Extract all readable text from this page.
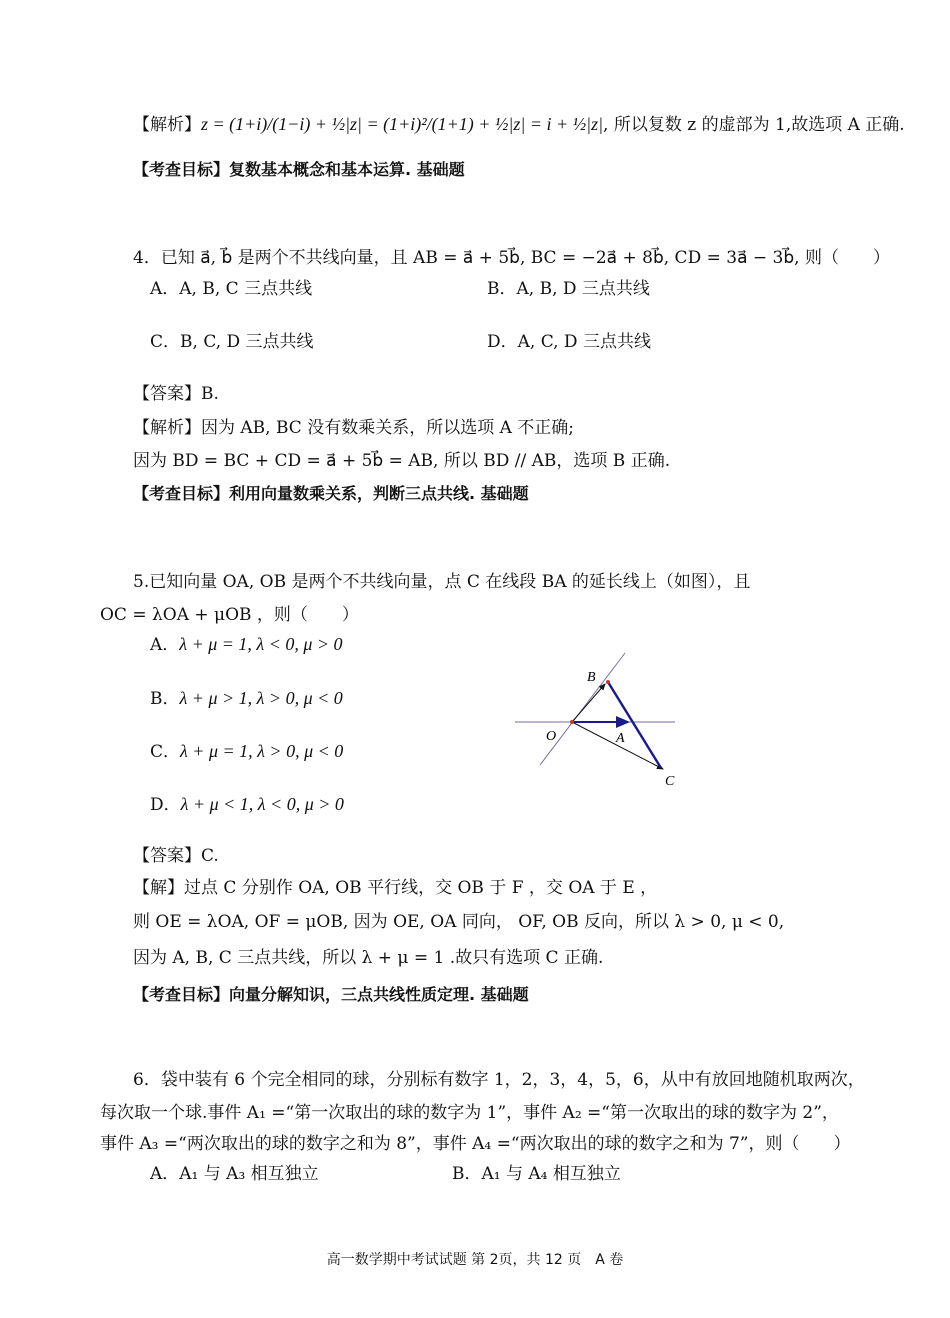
【解析】z = (1+i)/(1−i) + ½|z| = (1+i)²/(1+1) + ½|z| = i + ½|z|, 所以复数 z 的虚部为 1,故选项 A 正确.
【考查目标】复数基本概念和基本运算. 基础题
4．已知 a⃗, b⃗ 是两个不共线向量，且 AB = a⃗ + 5b⃗, BC = −2a⃗ + 8b⃗, CD = 3a⃗ − 3b⃗, 则（　　）
A．A, B, C 三点共线	B．A, B, D 三点共线
C．B, C, D 三点共线	D．A, C, D 三点共线
【答案】B.
【解析】因为 AB, BC 没有数乘关系，所以选项 A 不正确;
因为 BD = BC + CD = a⃗ + 5b⃗ = AB, 所以 BD // AB，选项 B 正确.
【考查目标】利用向量数乘关系，判断三点共线. 基础题
5.已知向量 OA, OB 是两个不共线向量，点 C 在线段 BA 的延长线上（如图），且
OC = λOA + μOB ，则（　　）
A．λ + μ = 1, λ < 0, μ > 0
B．λ + μ > 1, λ > 0, μ < 0
C．λ + μ = 1, λ > 0, μ < 0
D．λ + μ < 1, λ < 0, μ > 0
B
O	A
C
【答案】C.
【解】过点 C 分别作 OA, OB 平行线，交 OB 于 F ，交 OA 于 E ，
则 OE = λOA, OF = μOB, 因为 OE, OA 同向， OF, OB 反向，所以 λ > 0, μ < 0,
因为 A, B, C 三点共线，所以 λ + μ = 1 .故只有选项 C 正确.
【考查目标】向量分解知识，三点共线性质定理. 基础题
6．袋中装有 6 个完全相同的球，分别标有数字 1，2，3，4，5，6，从中有放回地随机取两次，
每次取一个球.事件 A₁ =“第一次取出的球的数字为 1”，事件 A₂ =“第一次取出的球的数字为 2”，
事件 A₃ =“两次取出的球的数字之和为 8”，事件 A₄ =“两次取出的球的数字之和为 7”，则（　　）
A．A₁ 与 A₃ 相互独立	B．A₁ 与 A₄ 相互独立
高一数学期中考试试题 第 2页，共 12 页　A 卷
